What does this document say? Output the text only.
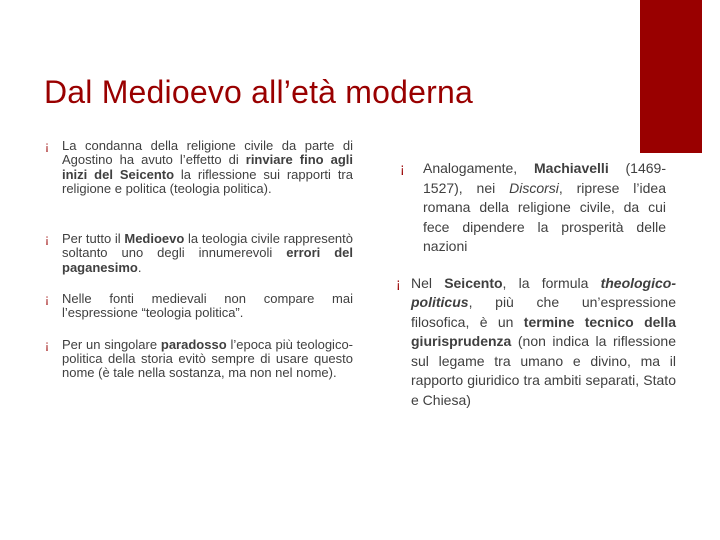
Dal Medioevo all’età moderna
¡ La condanna della religione civile da parte di Agostino ha avuto l’effetto di rinviare fino agli inizi del Seicento la riflessione sui rapporti tra religione e politica (teologia politica).
¡ Per tutto il Medioevo la teologia civile rappresentò soltanto uno degli innumerevoli errori del paganesimo.
¡ Nelle fonti medievali non compare mai l’espressione “teologia politica”.
¡ Per un singolare paradosso l’epoca più teologico-politica della storia evitò sempre di usare questo nome (è tale nella sostanza, ma non nel nome).
¡ Analogamente, Machiavelli (1469-1527), nei Discorsi, riprese l’idea romana della religione civile, da cui fece dipendere la prosperità delle nazioni
¡ Nel Seicento, la formula theologico-politicus, più che un’espressione filosofica, è un termine tecnico della giurisprudenza (non indica la riflessione sul legame tra umano e divino, ma il rapporto giuridico tra ambiti separati, Stato e Chiesa)
